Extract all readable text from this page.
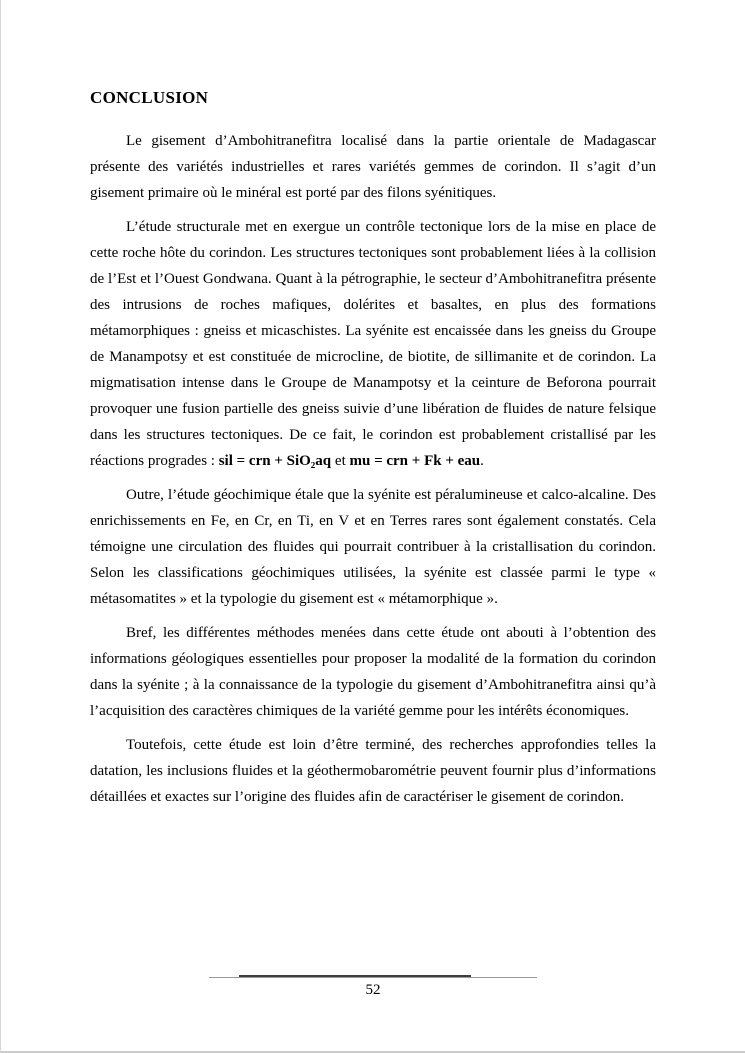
CONCLUSION

Le gisement d’Ambohitranefitra localisé dans la partie orientale de Madagascar présente des variétés industrielles et rares variétés gemmes de corindon. Il s’agit d’un gisement primaire où le minéral est porté par des filons syénitiques.

L’étude structurale met en exergue un contrôle tectonique lors de la mise en place de cette roche hôte du corindon. Les structures tectoniques sont probablement liées à la collision de l’Est et l’Ouest Gondwana. Quant à la pétrographie, le secteur d’Ambohitranefitra présente des intrusions de roches mafiques, dolérites et basaltes, en plus des formations métamorphiques : gneiss et micaschistes. La syénite est encaissée dans les gneiss du Groupe de Manampotsy et est constituée de microcline, de biotite, de sillimanite et de corindon. La migmatisation intense dans le Groupe de Manampotsy et la ceinture de Beforona pourrait provoquer une fusion partielle des gneiss suivie d’une libération de fluides de nature felsique dans les structures tectoniques. De ce fait, le corindon est probablement cristallisé par les réactions progrades : sil = crn + SiO₂aq et mu = crn + Fk + eau.

Outre, l’étude géochimique étale que la syénite est péralumineuse et calco-alcaline. Des enrichissements en Fe, en Cr, en Ti, en V et en Terres rares sont également constatés. Cela témoigne une circulation des fluides qui pourrait contribuer à la cristallisation du corindon. Selon les classifications géochimiques utilisées, la syénite est classée parmi le type « métasomatites » et la typologie du gisement est « métamorphique ».

Bref, les différentes méthodes menées dans cette étude ont abouti à l’obtention des informations géologiques essentielles pour proposer la modalité de la formation du corindon dans la syénite ; à la connaissance de la typologie du gisement d’Ambohitranefitra ainsi qu’à l’acquisition des caractères chimiques de la variété gemme pour les intérêts économiques.

Toutefois, cette étude est loin d’être terminé, des recherches approfondies telles la datation, les inclusions fluides et la géothermobarométrie peuvent fournir plus d’informations détaillées et exactes sur l’origine des fluides afin de caractériser le gisement de corindon.

52
